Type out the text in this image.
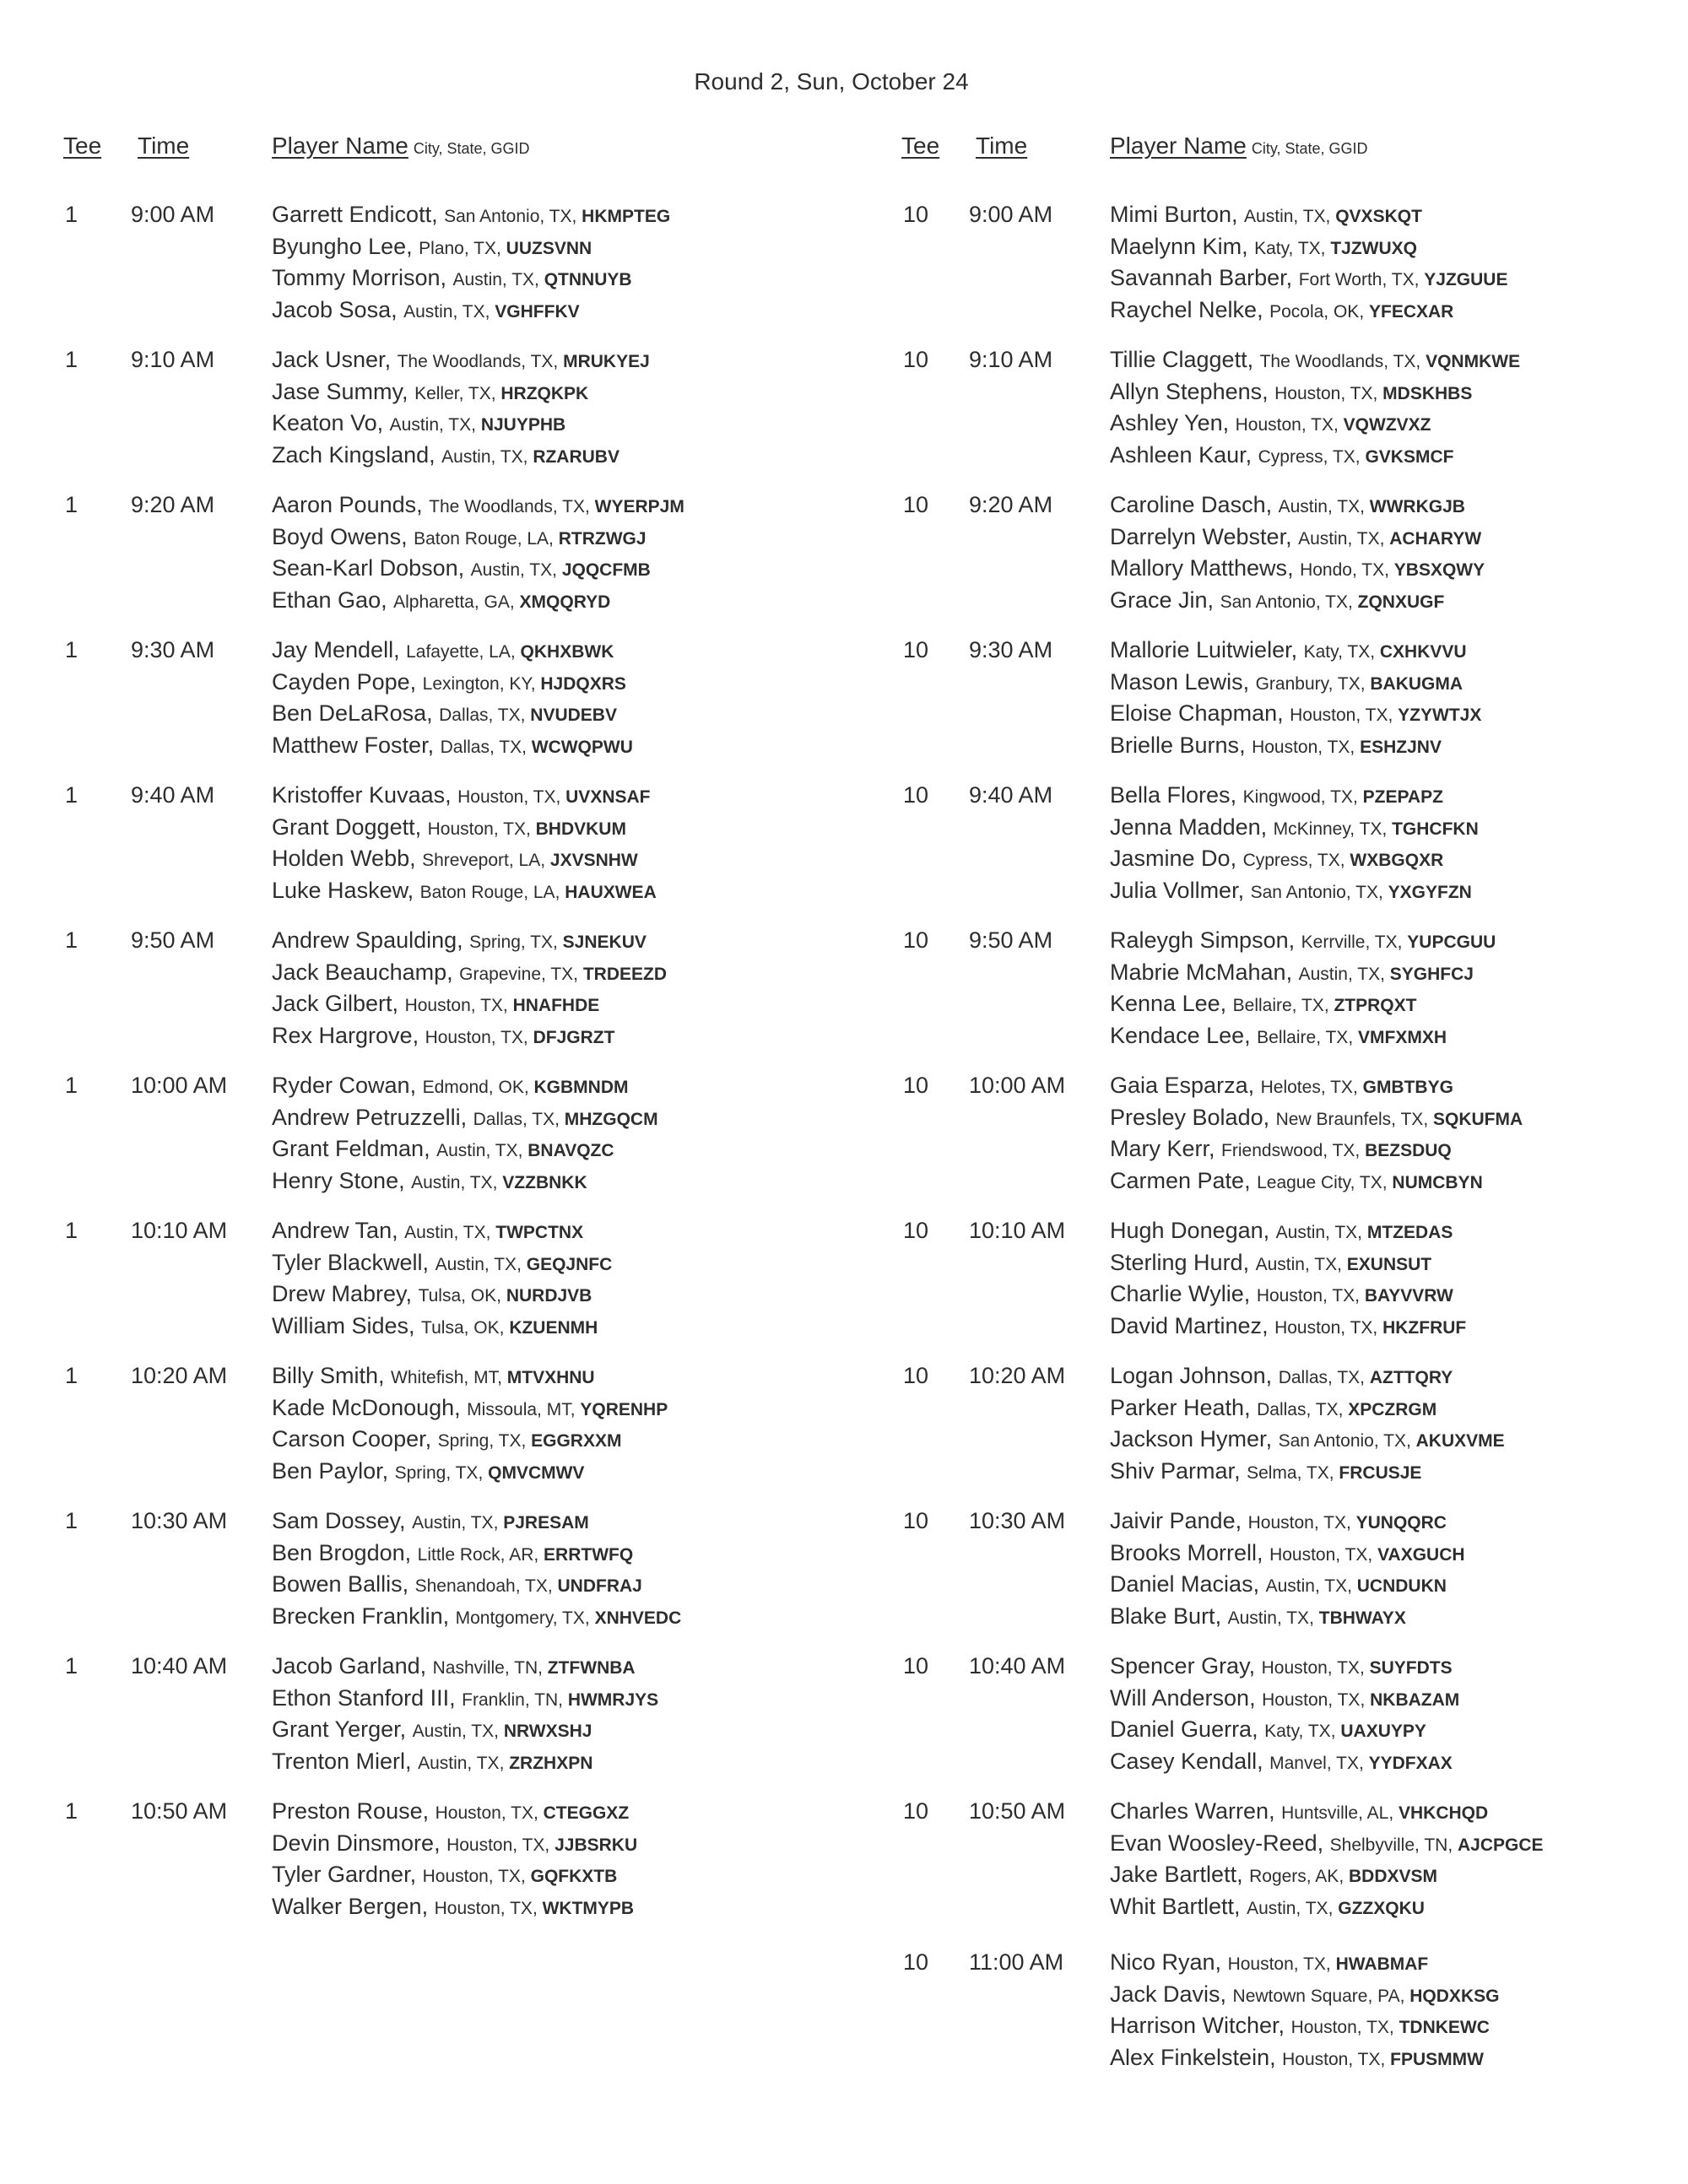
Round 2, Sun, October 24
Tee	Time	Player Name City, State, GGID
1	9:00 AM	Garrett Endicott, San Antonio, TX, HKMPTEG
Byungho Lee, Plano, TX, UUZSVNN
Tommy Morrison, Austin, TX, QTNNUYB
Jacob Sosa, Austin, TX, VGHFFKV
1	9:10 AM	Jack Usner, The Woodlands, TX, MRUKYEJ
Jase Summy, Keller, TX, HRZQKPK
Keaton Vo, Austin, TX, NJUYPHB
Zach Kingsland, Austin, TX, RZARUBV
1	9:20 AM	Aaron Pounds, The Woodlands, TX, WYERPJM
Boyd Owens, Baton Rouge, LA, RTRZWGJ
Sean-Karl Dobson, Austin, TX, JQQCFMB
Ethan Gao, Alpharetta, GA, XMQQRYD
1	9:30 AM	Jay Mendell, Lafayette, LA, QKHXBWK
Cayden Pope, Lexington, KY, HJDQXRS
Ben DeLaRosa, Dallas, TX, NVUDEBV
Matthew Foster, Dallas, TX, WCWQPWU
1	9:40 AM	Kristoffer Kuvaas, Houston, TX, UVXNSAF
Grant Doggett, Houston, TX, BHDVKUM
Holden Webb, Shreveport, LA, JXVSNHW
Luke Haskew, Baton Rouge, LA, HAUXWEA
1	9:50 AM	Andrew Spaulding, Spring, TX, SJNEKUV
Jack Beauchamp, Grapevine, TX, TRDEEZD
Jack Gilbert, Houston, TX, HNAFHDE
Rex Hargrove, Houston, TX, DFJGRZT
1	10:00 AM	Ryder Cowan, Edmond, OK, KGBMNDM
Andrew Petruzzelli, Dallas, TX, MHZGQCM
Grant Feldman, Austin, TX, BNAVQZC
Henry Stone, Austin, TX, VZZBNKK
1	10:10 AM	Andrew Tan, Austin, TX, TWPCTNX
Tyler Blackwell, Austin, TX, GEQJNFC
Drew Mabrey, Tulsa, OK, NURDJVB
William Sides, Tulsa, OK, KZUENMH
1	10:20 AM	Billy Smith, Whitefish, MT, MTVXHNU
Kade McDonough, Missoula, MT, YQRENHP
Carson Cooper, Spring, TX, EGGRXXM
Ben Paylor, Spring, TX, QMVCMWV
1	10:30 AM	Sam Dossey, Austin, TX, PJRESAM
Ben Brogdon, Little Rock, AR, ERRTWFQ
Bowen Ballis, Shenandoah, TX, UNDFRAJ
Brecken Franklin, Montgomery, TX, XNHVEDC
1	10:40 AM	Jacob Garland, Nashville, TN, ZTFWNBA
Ethon Stanford III, Franklin, TN, HWMRJYS
Grant Yerger, Austin, TX, NRWXSHJ
Trenton Mierl, Austin, TX, ZRZHXPN
1	10:50 AM	Preston Rouse, Houston, TX, CTEGGXZ
Devin Dinsmore, Houston, TX, JJBSRKU
Tyler Gardner, Houston, TX, GQFKXTB
Walker Bergen, Houston, TX, WKTMYPB
Tee	Time	Player Name City, State, GGID
10	9:00 AM	Mimi Burton, Austin, TX, QVXSKQT
Maelynn Kim, Katy, TX, TJZWUXQ
Savannah Barber, Fort Worth, TX, YJZGUUE
Raychel Nelke, Pocola, OK, YFECXAR
10	9:10 AM	Tillie Claggett, The Woodlands, TX, VQNMKWE
Allyn Stephens, Houston, TX, MDSKHBS
Ashley Yen, Houston, TX, VQWZVXZ
Ashleen Kaur, Cypress, TX, GVKSMCF
10	9:20 AM	Caroline Dasch, Austin, TX, WWRKGJB
Darrelyn Webster, Austin, TX, ACHARYW
Mallory Matthews, Hondo, TX, YBSXQWY
Grace Jin, San Antonio, TX, ZQNXUGF
10	9:30 AM	Mallorie Luitwieler, Katy, TX, CXHKVVU
Mason Lewis, Granbury, TX, BAKUGMA
Eloise Chapman, Houston, TX, YZYWTJX
Brielle Burns, Houston, TX, ESHZJNV
10	9:40 AM	Bella Flores, Kingwood, TX, PZEPAPZ
Jenna Madden, McKinney, TX, TGHCFKN
Jasmine Do, Cypress, TX, WXBGQXR
Julia Vollmer, San Antonio, TX, YXGYFZN
10	9:50 AM	Raleygh Simpson, Kerrville, TX, YUPCGUU
Mabrie McMahan, Austin, TX, SYGHFCJ
Kenna Lee, Bellaire, TX, ZTPRQXT
Kendace Lee, Bellaire, TX, VMFXMXH
10	10:00 AM	Gaia Esparza, Helotes, TX, GMBTBYG
Presley Bolado, New Braunfels, TX, SQKUFMA
Mary Kerr, Friendswood, TX, BEZSDUQ
Carmen Pate, League City, TX, NUMCBYN
10	10:10 AM	Hugh Donegan, Austin, TX, MTZEDAS
Sterling Hurd, Austin, TX, EXUNSUT
Charlie Wylie, Houston, TX, BAYVVRW
David Martinez, Houston, TX, HKZFRUF
10	10:20 AM	Logan Johnson, Dallas, TX, AZTTQRY
Parker Heath, Dallas, TX, XPCZRGM
Jackson Hymer, San Antonio, TX, AKUXVME
Shiv Parmar, Selma, TX, FRCUSJE
10	10:30 AM	Jaivir Pande, Houston, TX, YUNQQRC
Brooks Morrell, Houston, TX, VAXGUCH
Daniel Macias, Austin, TX, UCNDUKN
Blake Burt, Austin, TX, TBHWAYX
10	10:40 AM	Spencer Gray, Houston, TX, SUYFDTS
Will Anderson, Houston, TX, NKBAZAM
Daniel Guerra, Katy, TX, UAXUYPY
Casey Kendall, Manvel, TX, YYDFXAX
10	10:50 AM	Charles Warren, Huntsville, AL, VHKCHQD
Evan Woosley-Reed, Shelbyville, TN, AJCPGCE
Jake Bartlett, Rogers, AK, BDDXVSM
Whit Bartlett, Austin, TX, GZZXQKU
10	11:00 AM	Nico Ryan, Houston, TX, HWABMAF
Jack Davis, Newtown Square, PA, HQDXKSG
Harrison Witcher, Houston, TX, TDNKEWC
Alex Finkelstein, Houston, TX, FPUSMMW
